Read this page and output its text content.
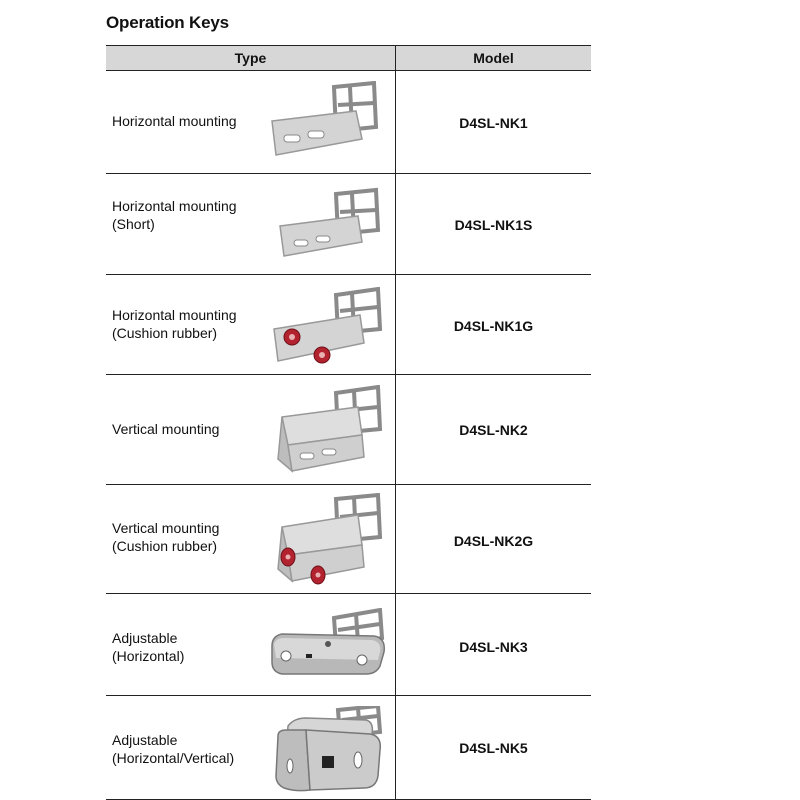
Operation Keys
Type	Model
Horizontal mounting	D4SL-NK1
Horizontal mounting
(Short)	D4SL-NK1S
Horizontal mounting
(Cushion rubber)	D4SL-NK1G
Vertical mounting	D4SL-NK2
Vertical mounting
(Cushion rubber)	D4SL-NK2G
Adjustable
(Horizontal)
D4SL-NK3
Adjustable
(Horizontal/Vertical)
D4SL-NK5
